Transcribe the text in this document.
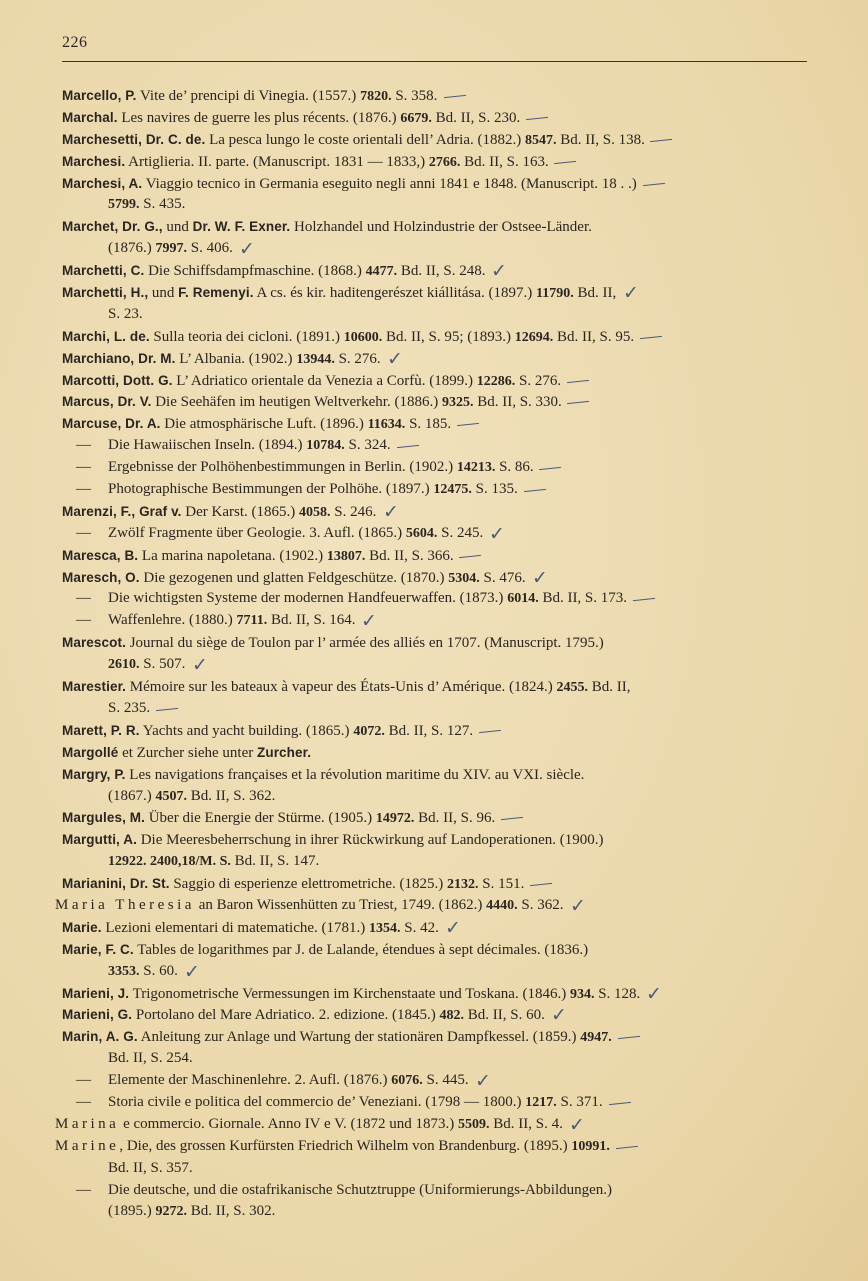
226
Marcello, P. Vite de’ prencipi di Vinegia. (1557.) 7820. S. 358.
Marchal. Les navires de guerre les plus récents. (1876.) 6679. Bd. II, S. 230.
Marchesetti, Dr. C. de. La pesca lungo le coste orientali dell’ Adria. (1882.) 8547. Bd. II, S. 138.
Marchesi. Artiglieria. II. parte. (Manuscript. 1831 — 1833,) 2766. Bd. II, S. 163.
Marchesi, A. Viaggio tecnico in Germania eseguito negli anni 1841 e 1848. (Manuscript. 18 . .)
5799. S. 435.
Marchet, Dr. G., und Dr. W. F. Exner. Holzhandel und Holzindustrie der Ostsee-Länder.
(1876.) 7997. S. 406. ✓
Marchetti, C. Die Schiffsdampfmaschine. (1868.) 4477. Bd. II, S. 248. ✓
Marchetti, H., und F. Remenyi. A cs. és kir. haditengerészet kiállitása. (1897.) 11790. Bd. II, ✓
S. 23.
Marchi, L. de. Sulla teoria dei cicloni. (1891.) 10600. Bd. II, S. 95; (1893.) 12694. Bd. II, S. 95.
Marchiano, Dr. M. L’ Albania. (1902.) 13944. S. 276. ✓
Marcotti, Dott. G. L’ Adriatico orientale da Venezia a Corfù. (1899.) 12286. S. 276.
Marcus, Dr. V. Die Seehäfen im heutigen Weltverkehr. (1886.) 9325. Bd. II, S. 330.
Marcuse, Dr. A. Die atmosphärische Luft. (1896.) 11634. S. 185.
— Die Hawaiischen Inseln. (1894.) 10784. S. 324.
— Ergebnisse der Polhöhenbestimmungen in Berlin. (1902.) 14213. S. 86.
— Photographische Bestimmungen der Polhöhe. (1897.) 12475. S. 135.
Marenzi, F., Graf v. Der Karst. (1865.) 4058. S. 246. ✓
— Zwölf Fragmente über Geologie. 3. Aufl. (1865.) 5604. S. 245. ✓
Maresca, B. La marina napoletana. (1902.) 13807. Bd. II, S. 366.
Maresch, O. Die gezogenen und glatten Feldgeschütze. (1870.) 5304. S. 476. ✓
— Die wichtigsten Systeme der modernen Handfeuerwaffen. (1873.) 6014. Bd. II, S. 173.
— Waffenlehre. (1880.) 7711. Bd. II, S. 164. ✓
Marescot. Journal du siège de Toulon par l’ armée des alliés en 1707. (Manuscript. 1795.)
2610. S. 507. ✓
Marestier. Mémoire sur les bateaux à vapeur des États-Unis d’ Amérique. (1824.) 2455. Bd. II,
S. 235.
Marett, P. R. Yachts and yacht building. (1865.) 4072. Bd. II, S. 127.
Margollé et Zurcher siehe unter Zurcher.
Margry, P. Les navigations françaises et la révolution maritime du XIV. au VXI. siècle.
(1867.) 4507. Bd. II, S. 362.
Margules, M. Über die Energie der Stürme. (1905.) 14972. Bd. II, S. 96.
Margutti, A. Die Meeresbeherrschung in ihrer Rückwirkung auf Landoperationen. (1900.)
12922. 2400,18/M. S. Bd. II, S. 147.
Marianini, Dr. St. Saggio di esperienze elettrometriche. (1825.) 2132. S. 151.
Maria Theresia an Baron Wissenhütten zu Triest, 1749. (1862.) 4440. S. 362. ✓
Marie. Lezioni elementari di matematiche. (1781.) 1354. S. 42. ✓
Marie, F. C. Tables de logarithmes par J. de Lalande, étendues à sept décimales. (1836.)
3353. S. 60. ✓
Marieni, J. Trigonometrische Vermessungen im Kirchenstaate und Toskana. (1846.) 934. S. 128. ✓
Marieni, G. Portolano del Mare Adriatico. 2. edizione. (1845.) 482. Bd. II, S. 60. ✓
Marin, A. G. Anleitung zur Anlage und Wartung der stationären Dampfkessel. (1859.) 4947.
Bd. II, S. 254.
— Elemente der Maschinenlehre. 2. Aufl. (1876.) 6076. S. 445. ✓
— Storia civile e politica del commercio de’ Veneziani. (1798 — 1800.) 1217. S. 371.
Marina e commercio. Giornale. Anno IV e V. (1872 und 1873.) 5509. Bd. II, S. 4. ✓
Marine, Die, des grossen Kurfürsten Friedrich Wilhelm von Brandenburg. (1895.) 10991.
Bd. II, S. 357.
— Die deutsche, und die ostafrikanische Schutztruppe (Uniformierungs-Abbildungen.)
(1895.) 9272. Bd. II, S. 302.
